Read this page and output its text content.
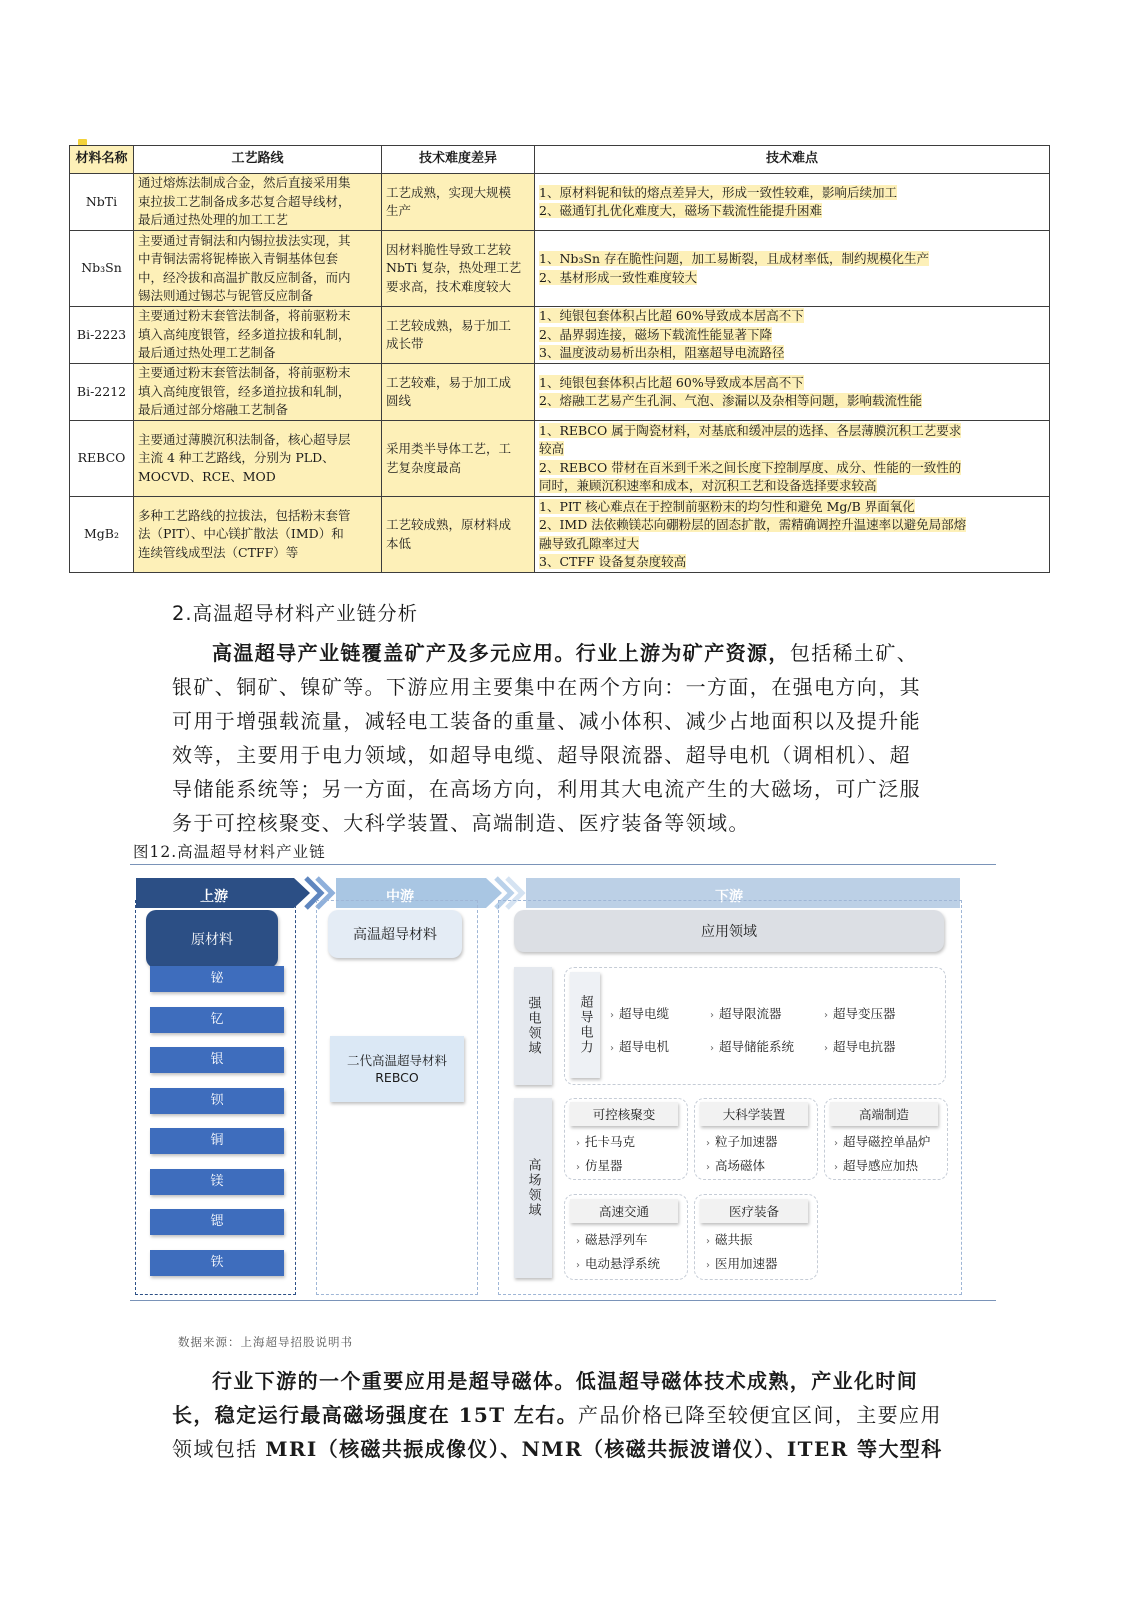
材料名称	工艺路线	技术难度差异	技术难点
NbTi	通过熔炼法制成合金，然后直接采用集
束拉拔工艺制备成多芯复合超导线材，
最后通过热处理的加工工艺	工艺成熟，实现大规模
生产	1、原材料铌和钛的熔点差异大，形成一致性较难，影响后续加工
2、磁通钉扎优化难度大，磁场下载流性能提升困难

Nb₃Sn	主要通过青铜法和内锡拉拔法实现，其
中青铜法需将铌棒嵌入青铜基体包套
中，经冷拔和高温扩散反应制备，而内
锡法则通过锡芯与铌管反应制备	因材料脆性导致工艺较
NbTi 复杂，热处理工艺
要求高，技术难度较大	1、Nb₃Sn 存在脆性问题，加工易断裂，且成材率低，制约规模化生产
2、基材形成一致性难度较大

Bi-2223	主要通过粉末套管法制备，将前驱粉末
填入高纯度银管，经多道拉拔和轧制，
最后通过热处理工艺制备	工艺较成熟，易于加工
成长带	1、纯银包套体积占比超 60%导致成本居高不下
2、晶界弱连接，磁场下载流性能显著下降
3、温度波动易析出杂相，阻塞超导电流路径

Bi-2212	主要通过粉末套管法制备，将前驱粉末
填入高纯度银管，经多道拉拔和轧制，
最后通过部分熔融工艺制备	工艺较难，易于加工成
圆线	1、纯银包套体积占比超 60%导致成本居高不下
2、熔融工艺易产生孔洞、气泡、渗漏以及杂相等问题，影响载流性能

REBCO	主要通过薄膜沉积法制备，核心超导层
主流 4 种工艺路线，分别为 PLD、
MOCVD、RCE、MOD	采用类半导体工艺，工
艺复杂度最高	1、REBCO 属于陶瓷材料，对基底和缓冲层的选择、各层薄膜沉积工艺要求
较高
2、REBCO 带材在百米到千米之间长度下控制厚度、成分、性能的一致性的
同时，兼顾沉积速率和成本，对沉积工艺和设备选择要求较高

MgB₂	多种工艺路线的拉拔法，包括粉末套管
法（PIT）、中心镁扩散法（IMD）和
连续管线成型法（CTFF）等	工艺较成熟，原材料成
本低	1、PIT 核心难点在于控制前驱粉末的均匀性和避免 Mg/B 界面氧化
2、IMD 法依赖镁芯向硼粉层的固态扩散，需精确调控升温速率以避免局部熔
融导致孔隙率过大
3、CTFF 设备复杂度较高
2.高温超导材料产业链分析
高温超导产业链覆盖矿产及多元应用。行业上游为矿产资源，包括稀土矿、
银矿、铜矿、镍矿等。下游应用主要集中在两个方向：一方面，在强电方向，其
可用于增强载流量，减轻电工装备的重量、减小体积、减少占地面积以及提升能
效等，主要用于电力领域，如超导电缆、超导限流器、超导电机（调相机）、超
导储能系统等；另一方面，在高场方向，利用其大电流产生的大磁场，可广泛服
务于可控核聚变、大科学装置、高端制造、医疗装备等领域。
图12.高温超导材料产业链
上游	中游	下游
原材料
铋
钇
银
钡
铜
镁
锶
铁
高温超导材料
二代高温超导材料
REBCO
应用领域
强电领域	超导电力	› 超导电缆	› 超导限流器	› 超导变压器
› 超导电机	› 超导储能系统	› 超导电抗器
高场领域
可控核聚变
› 托卡马克
› 仿星器
大科学装置
› 粒子加速器
› 高场磁体
高端制造
› 超导磁控单晶炉
› 超导感应加热
高速交通
› 磁悬浮列车
› 电动悬浮系统
医疗装备
› 磁共振
› 医用加速器
数据来源：上海超导招股说明书
行业下游的一个重要应用是超导磁体。低温超导磁体技术成熟，产业化时间
长，稳定运行最高磁场强度在 15T 左右。产品价格已降至较便宜区间，主要应用
领域包括 MRI（核磁共振成像仪）、NMR（核磁共振波谱仪）、ITER 等大型科
